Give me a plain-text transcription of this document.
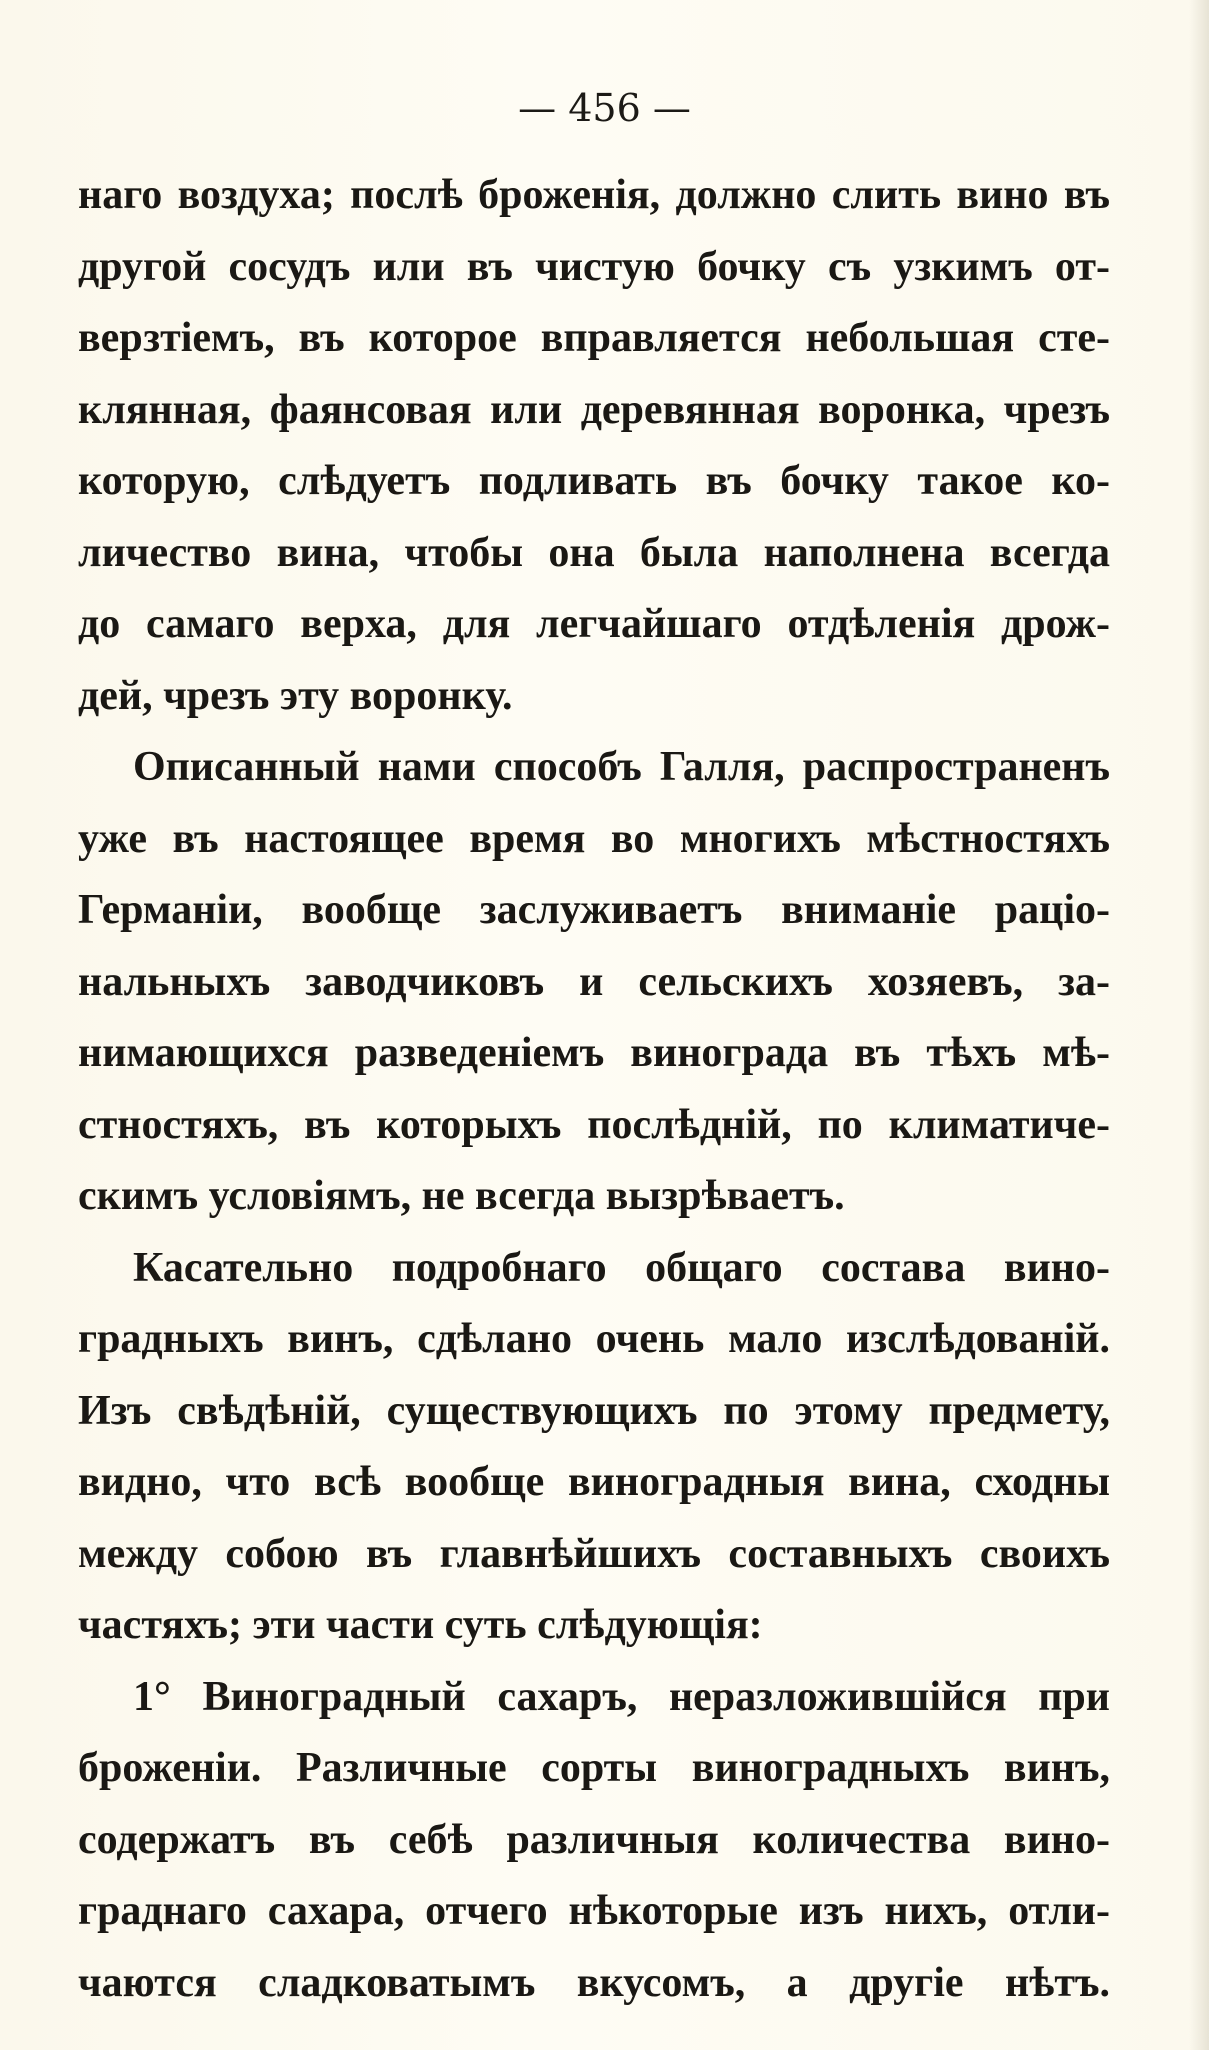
— 456 —
наго воздуха; послѣ броженія, должно слить вино въ
другой сосудъ или въ чистую бочку съ узкимъ от-
верзтіемъ, въ которое вправляется небольшая сте-
клянная, фаянсовая или деревянная воронка, чрезъ
которую, слѣдуетъ подливать въ бочку такое ко-
личество вина, чтобы она была наполнена всегда
до самаго верха, для легчайшаго отдѣленія дрож-
дей, чрезъ эту воронку.
Описанный нами способъ Галля, распространенъ
уже въ настоящее время во многихъ мѣстностяхъ
Германіи, вообще заслуживаетъ вниманіе раціо-
нальныхъ заводчиковъ и сельскихъ хозяевъ, за-
нимающихся разведеніемъ винограда въ тѣхъ мѣ-
стностяхъ, въ которыхъ послѣдній, по климатиче-
скимъ условіямъ, не всегда вызрѣваетъ.
Касательно подробнаго общаго состава вино-
градныхъ винъ, сдѣлано очень мало изслѣдованій.
Изъ свѣдѣній, существующихъ по этому предмету,
видно, что всѣ вообще виноградныя вина, сходны
между собою въ главнѣйшихъ составныхъ своихъ
частяхъ; эти части суть слѣдующія:
1° Виноградный сахаръ, неразложившійся при
броженіи. Различные сорты виноградныхъ винъ,
содержатъ въ себѣ различныя количества вино-
граднаго сахара, отчего нѣкоторые изъ нихъ, отли-
чаются сладковатымъ вкусомъ, а другіе нѣтъ.
